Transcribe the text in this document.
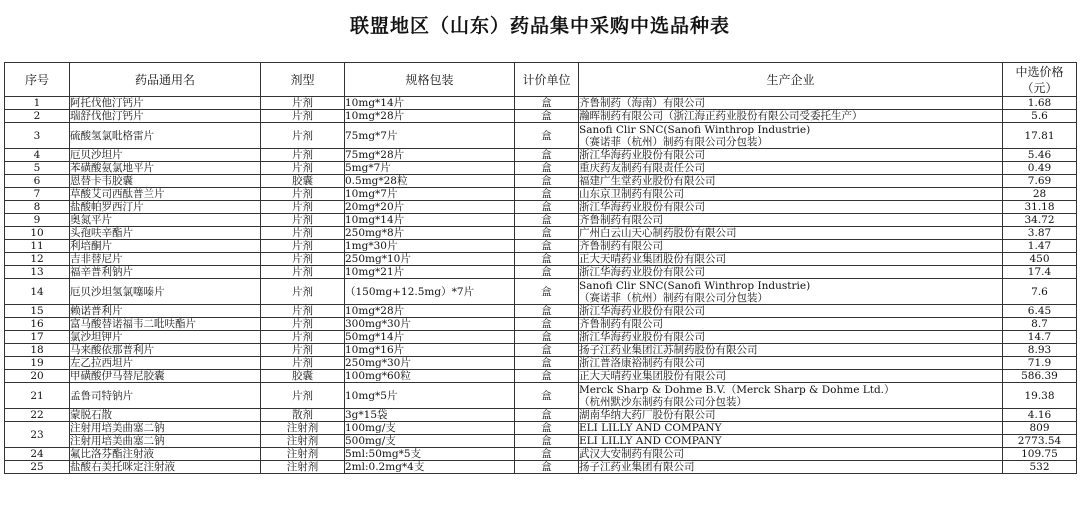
联盟地区（山东）药品集中采购中选品种表
序号	药品通用名	剂型	规格包装	计价单位	生产企业	中选价格
（元）

1	阿托伐他汀钙片	片剂	10mg*14片	盒	齐鲁制药（海南）有限公司	1.68
2	瑞舒伐他汀钙片	片剂	10mg*28片	盒	瀚晖制药有限公司（浙江海正药业股份有限公司受委托生产）	5.6
3	硫酸氢氯吡格雷片	片剂	75mg*7片	盒	Sanofi Clir SNC(Sanofi Winthrop Industrie)
（赛诺菲（杭州）制药有限公司分包装）	17.81
4	厄贝沙坦片	片剂	75mg*28片	盒	浙江华海药业股份有限公司	5.46
5	苯磺酸氨氯地平片	片剂	5mg*7片	盒	重庆药友制药有限责任公司	0.49
6	恩替卡韦胶囊	胶囊	0.5mg*28粒	盒	福建广生堂药业股份有限公司	7.69
7	草酸艾司西酞普兰片	片剂	10mg*7片	盒	山东京卫制药有限公司	28
8	盐酸帕罗西汀片	片剂	20mg*20片	盒	浙江华海药业股份有限公司	31.18
9	奥氮平片	片剂	10mg*14片	盒	齐鲁制药有限公司	34.72
10	头孢呋辛酯片	片剂	250mg*8片	盒	广州白云山天心制药股份有限公司	3.87
11	利培酮片	片剂	1mg*30片	盒	齐鲁制药有限公司	1.47
12	吉非替尼片	片剂	250mg*10片	盒	正大天晴药业集团股份有限公司	450
13	福辛普利钠片	片剂	10mg*21片	盒	浙江华海药业股份有限公司	17.4
14	厄贝沙坦氢氯噻嗪片	片剂	（150mg+12.5mg）*7片	盒	Sanofi Clir SNC(Sanofi Winthrop Industrie)
（赛诺菲（杭州）制药有限公司分包装）	7.6
15	赖诺普利片	片剂	10mg*28片	盒	浙江华海药业股份有限公司	6.45
16	富马酸替诺福韦二吡呋酯片	片剂	300mg*30片	盒	齐鲁制药有限公司	8.7
17	氯沙坦钾片	片剂	50mg*14片	盒	浙江华海药业股份有限公司	14.7
18	马来酸依那普利片	片剂	10mg*16片	盒	扬子江药业集团江苏制药股份有限公司	8.93
19	左乙拉西坦片	片剂	250mg*30片	盒	浙江普洛康裕制药有限公司	71.9
20	甲磺酸伊马替尼胶囊	胶囊	100mg*60粒	盒	正大天晴药业集团股份有限公司	586.39
21	孟鲁司特钠片	片剂	10mg*5片	盒	Merck Sharp & Dohme B.V.（Merck Sharp & Dohme Ltd.）
（杭州默沙东制药有限公司分包装）	19.38
22	蒙脱石散	散剂	3g*15袋	盒	湖南华纳大药厂股份有限公司	4.16
23	注射用培美曲塞二钠	注射剂	100mg/支	盒	ELI LILLY AND COMPANY	809
	注射用培美曲塞二钠	注射剂	500mg/支	盒	ELI LILLY AND COMPANY	2773.54
24	氟比洛芬酯注射液	注射剂	5ml:50mg*5支	盒	武汉大安制药有限公司	109.75
25	盐酸右美托咪定注射液	注射剂	2ml:0.2mg*4支	盒	扬子江药业集团有限公司	532
